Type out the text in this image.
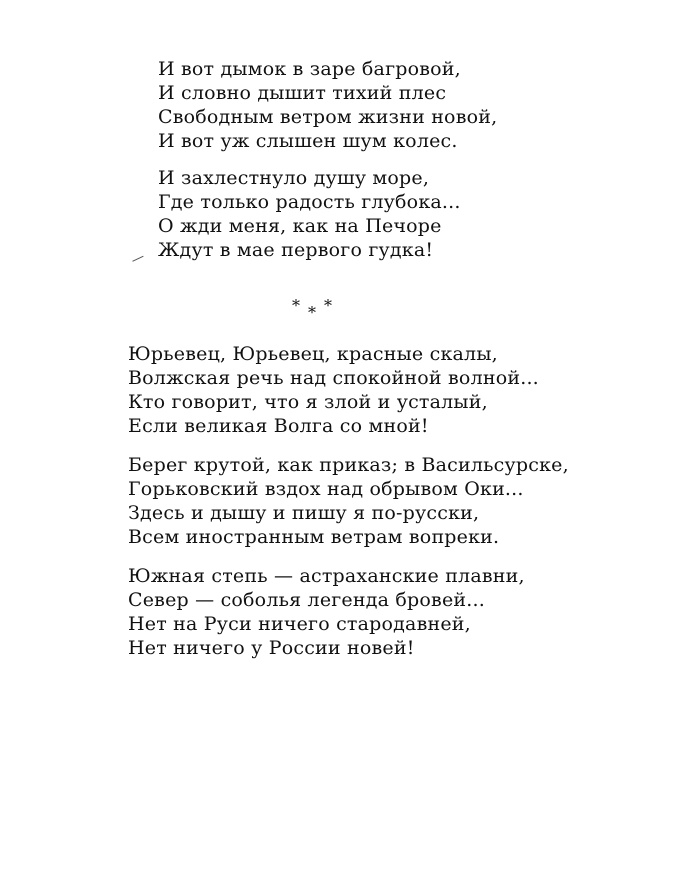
И вот дымок в заре багровой,
И словно дышит тихий плес
Свободным ветром жизни новой,
И вот уж слышен шум колес.
И захлестнуло душу море,
Где только радость глубока...
О жди меня, как на Печоре
Ждут в мае первого гудка!
* * *
Юрьевец, Юрьевец, красные скалы,
Волжская речь над спокойной волной...
Кто говорит, что я злой и усталый,
Если великая Волга со мной!
Берег крутой, как приказ; в Васильсурске,
Горьковский вздох над обрывом Оки...
Здесь и дышу и пишу я по-русски,
Всем иностранным ветрам вопреки.
Южная степь — астраханские плавни,
Север — соболья легенда бровей...
Нет на Руси ничего стародавней,
Нет ничего у России новей!
